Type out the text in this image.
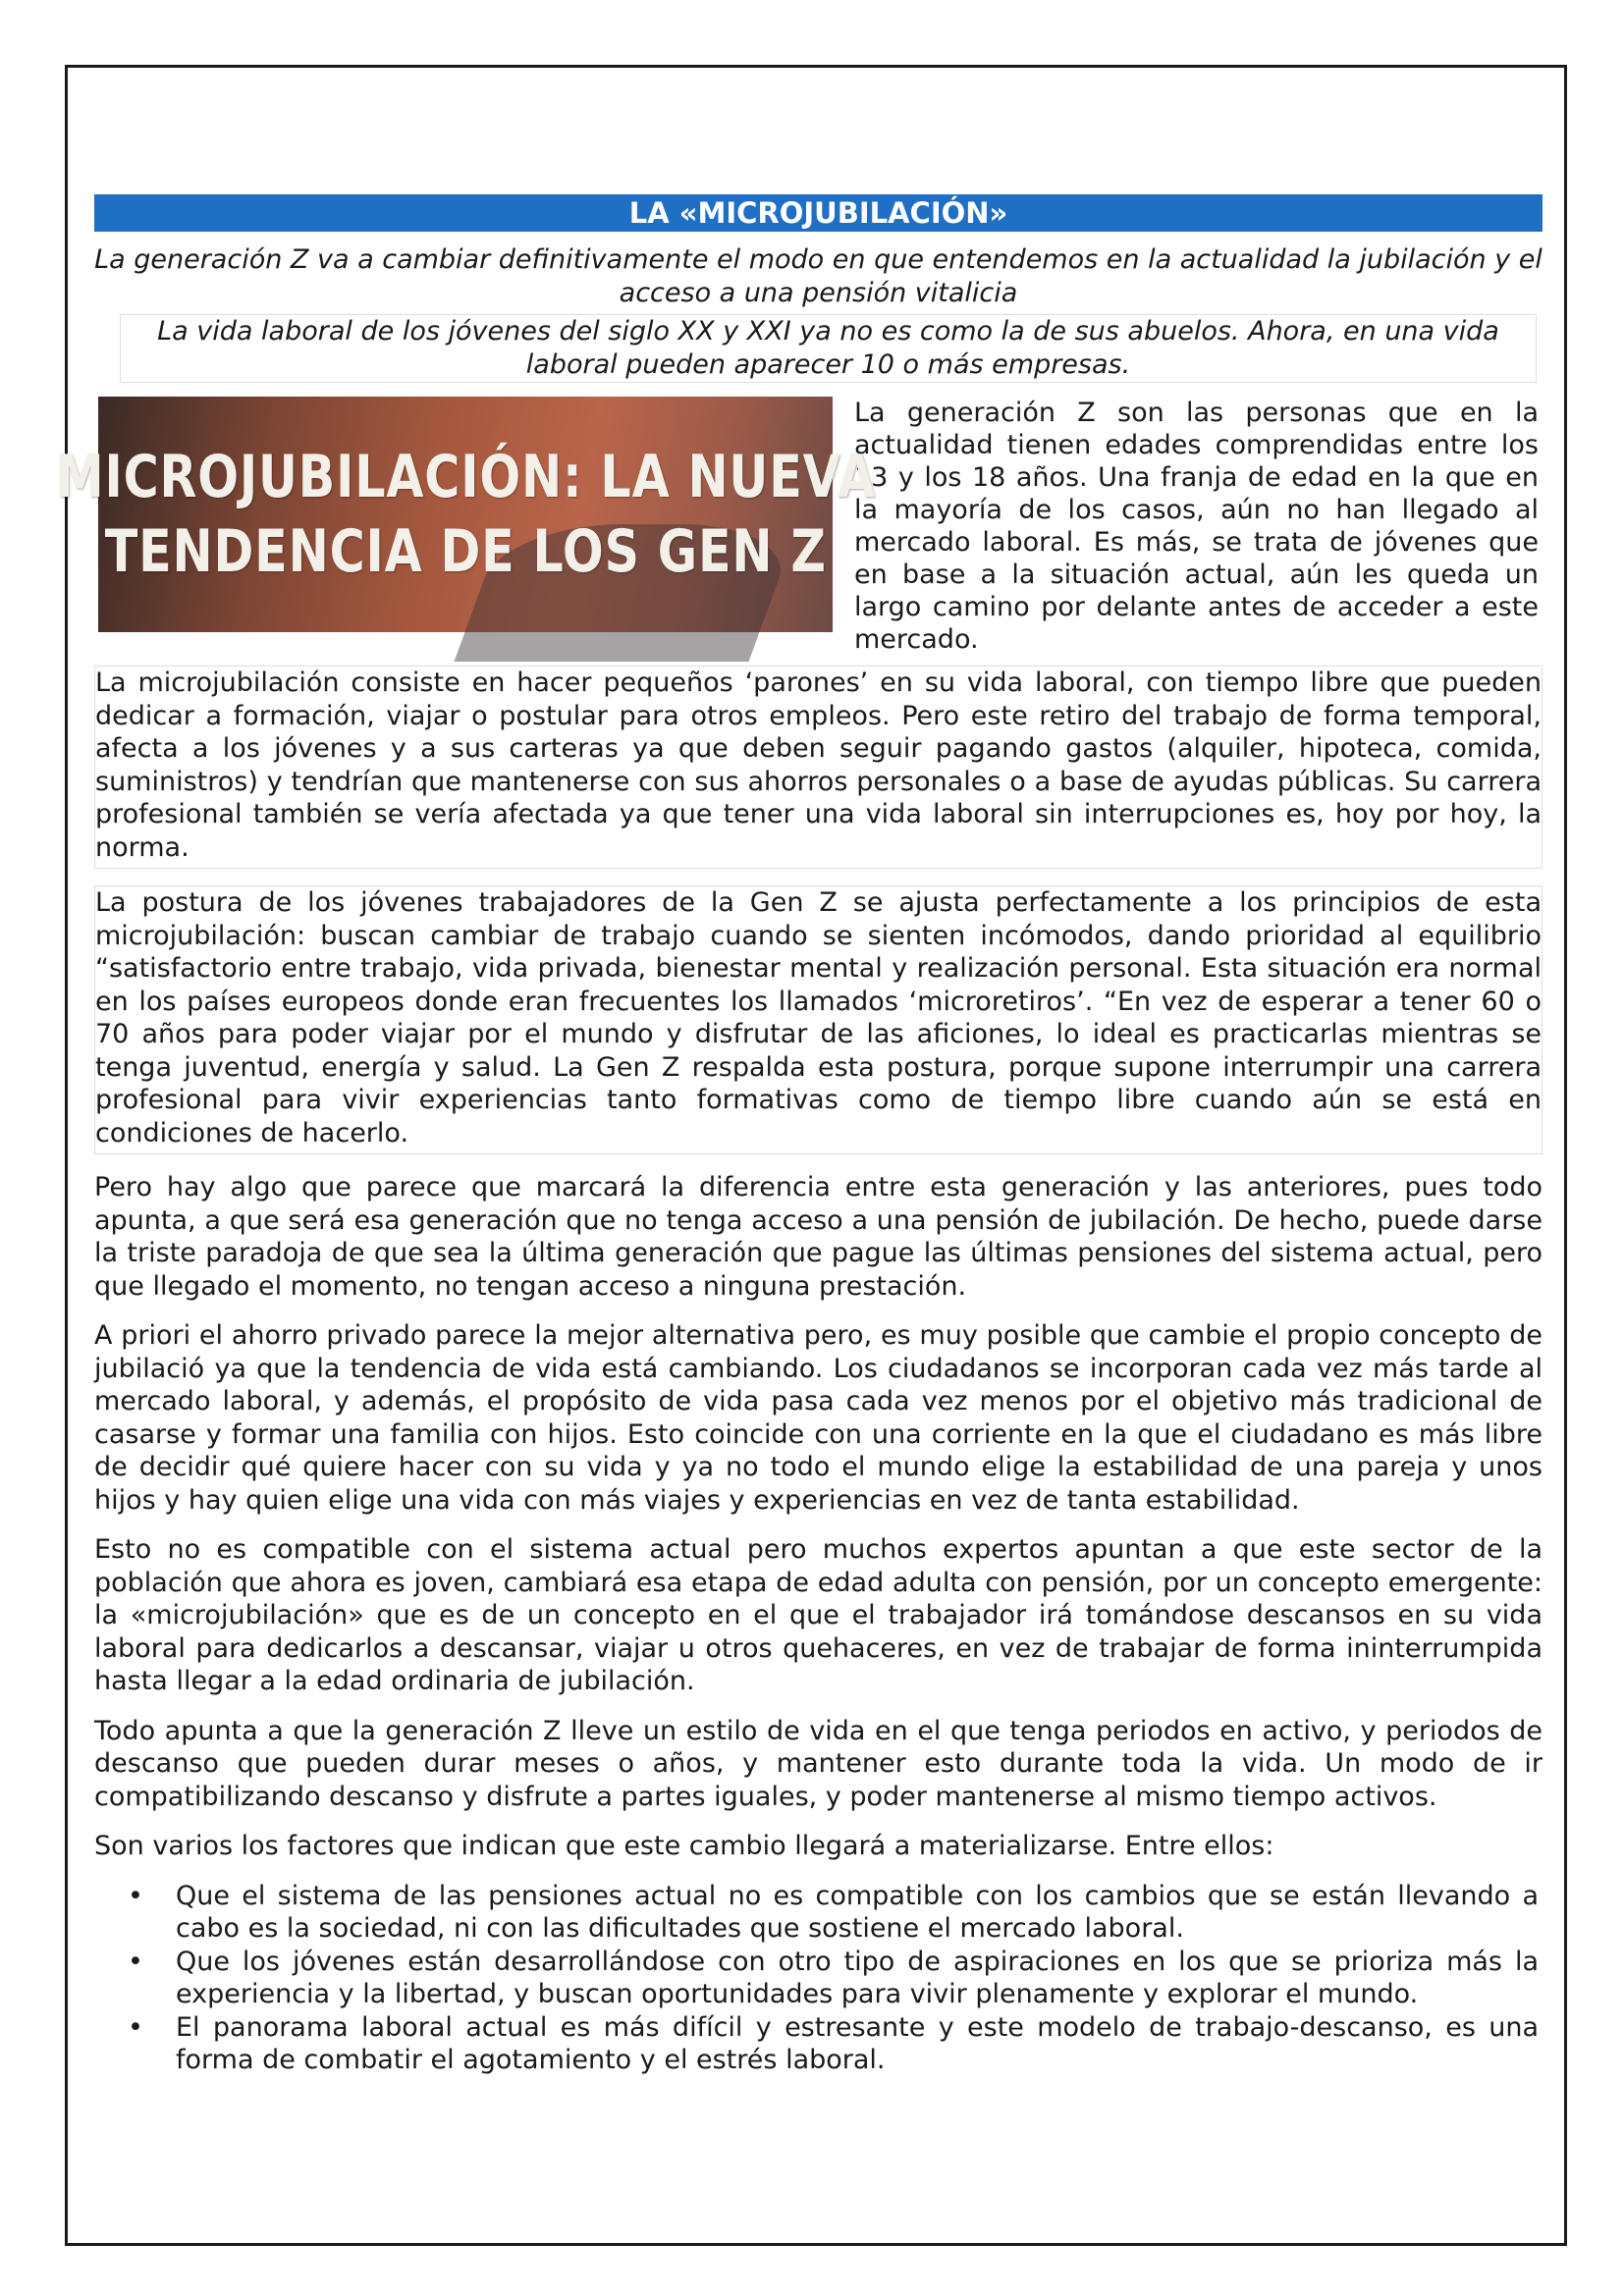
LA «MICROJUBILACIÓN»
La generación Z va a cambiar definitivamente el modo en que entendemos en la actualidad la jubilación y el acceso a una pensión vitalicia
La vida laboral de los jóvenes del siglo XX y XXI ya no es como la de sus abuelos. Ahora, en una vida laboral pueden aparecer 10 o más empresas.
MICROJUBILACIÓN: LA NUEVA
TENDENCIA DE LOS GEN Z
La generación Z son las personas que en la actualidad tienen edades comprendidas entre los 13 y los 18 años. Una franja de edad en la que en la mayoría de los casos, aún no han llegado al mercado laboral. Es más, se trata de jóvenes que en base a la situación actual, aún les queda un largo camino por delante antes de acceder a este mercado.

La microjubilación consiste en hacer pequeños ‘parones’ en su vida laboral, con tiempo libre que pueden dedicar a formación, viajar o postular para otros empleos. Pero este retiro del trabajo de forma temporal, afecta a los jóvenes y a sus carteras ya que deben seguir pagando gastos (alquiler, hipoteca, comida, suministros) y tendrían que mantenerse con sus ahorros personales o a base de ayudas públicas. Su carrera profesional también se vería afectada ya que tener una vida laboral sin interrupciones es, hoy por hoy, la norma.

La postura de los jóvenes trabajadores de la Gen Z se ajusta perfectamente a los principios de esta microjubilación: buscan cambiar de trabajo cuando se sienten incómodos, dando prioridad al equilibrio “satisfactorio entre trabajo, vida privada, bienestar mental y realización personal. Esta situación era normal en los países europeos donde eran frecuentes los llamados ‘microretiros’. “En vez de esperar a tener 60 o 70 años para poder viajar por el mundo y disfrutar de las aficiones, lo ideal es practicarlas mientras se tenga juventud, energía y salud. La Gen Z respalda esta postura, porque supone interrumpir una carrera profesional para vivir experiencias tanto formativas como de tiempo libre cuando aún se está en condiciones de hacerlo.

Pero hay algo que parece que marcará la diferencia entre esta generación y las anteriores, pues todo apunta, a que será esa generación que no tenga acceso a una pensión de jubilación. De hecho, puede darse la triste paradoja de que sea la última generación que pague las últimas pensiones del sistema actual, pero que llegado el momento, no tengan acceso a ninguna prestación.

A priori el ahorro privado parece la mejor alternativa pero, es muy posible que cambie el propio concepto de jubilació ya que la tendencia de vida está cambiando. Los ciudadanos se incorporan cada vez más tarde al mercado laboral, y además, el propósito de vida pasa cada vez menos por el objetivo más tradicional de casarse y formar una familia con hijos. Esto coincide con una corriente en la que el ciudadano es más libre de decidir qué quiere hacer con su vida y ya no todo el mundo elige la estabilidad de una pareja y unos hijos y hay quien elige una vida con más viajes y experiencias en vez de tanta estabilidad.

Esto no es compatible con el sistema actual pero muchos expertos apuntan a que este sector de la población que ahora es joven, cambiará esa etapa de edad adulta con pensión, por un concepto emergente: la «microjubilación» que es de un concepto en el que el trabajador irá tomándose descansos en su vida laboral para dedicarlos a descansar, viajar u otros quehaceres, en vez de trabajar de forma ininterrumpida hasta llegar a la edad ordinaria de jubilación.

Todo apunta a que la generación Z lleve un estilo de vida en el que tenga periodos en activo, y periodos de descanso que pueden durar meses o años, y mantener esto durante toda la vida. Un modo de ir compatibilizando descanso y disfrute a partes iguales, y poder mantenerse al mismo tiempo activos.

Son varios los factores que indican que este cambio llegará a materializarse. Entre ellos:

• Que el sistema de las pensiones actual no es compatible con los cambios que se están llevando a cabo es la sociedad, ni con las dificultades que sostiene el mercado laboral.
• Que los jóvenes están desarrollándose con otro tipo de aspiraciones en los que se prioriza más la experiencia y la libertad, y buscan oportunidades para vivir plenamente y explorar el mundo.
• El panorama laboral actual es más difícil y estresante y este modelo de trabajo-descanso, es una forma de combatir el agotamiento y el estrés laboral.
